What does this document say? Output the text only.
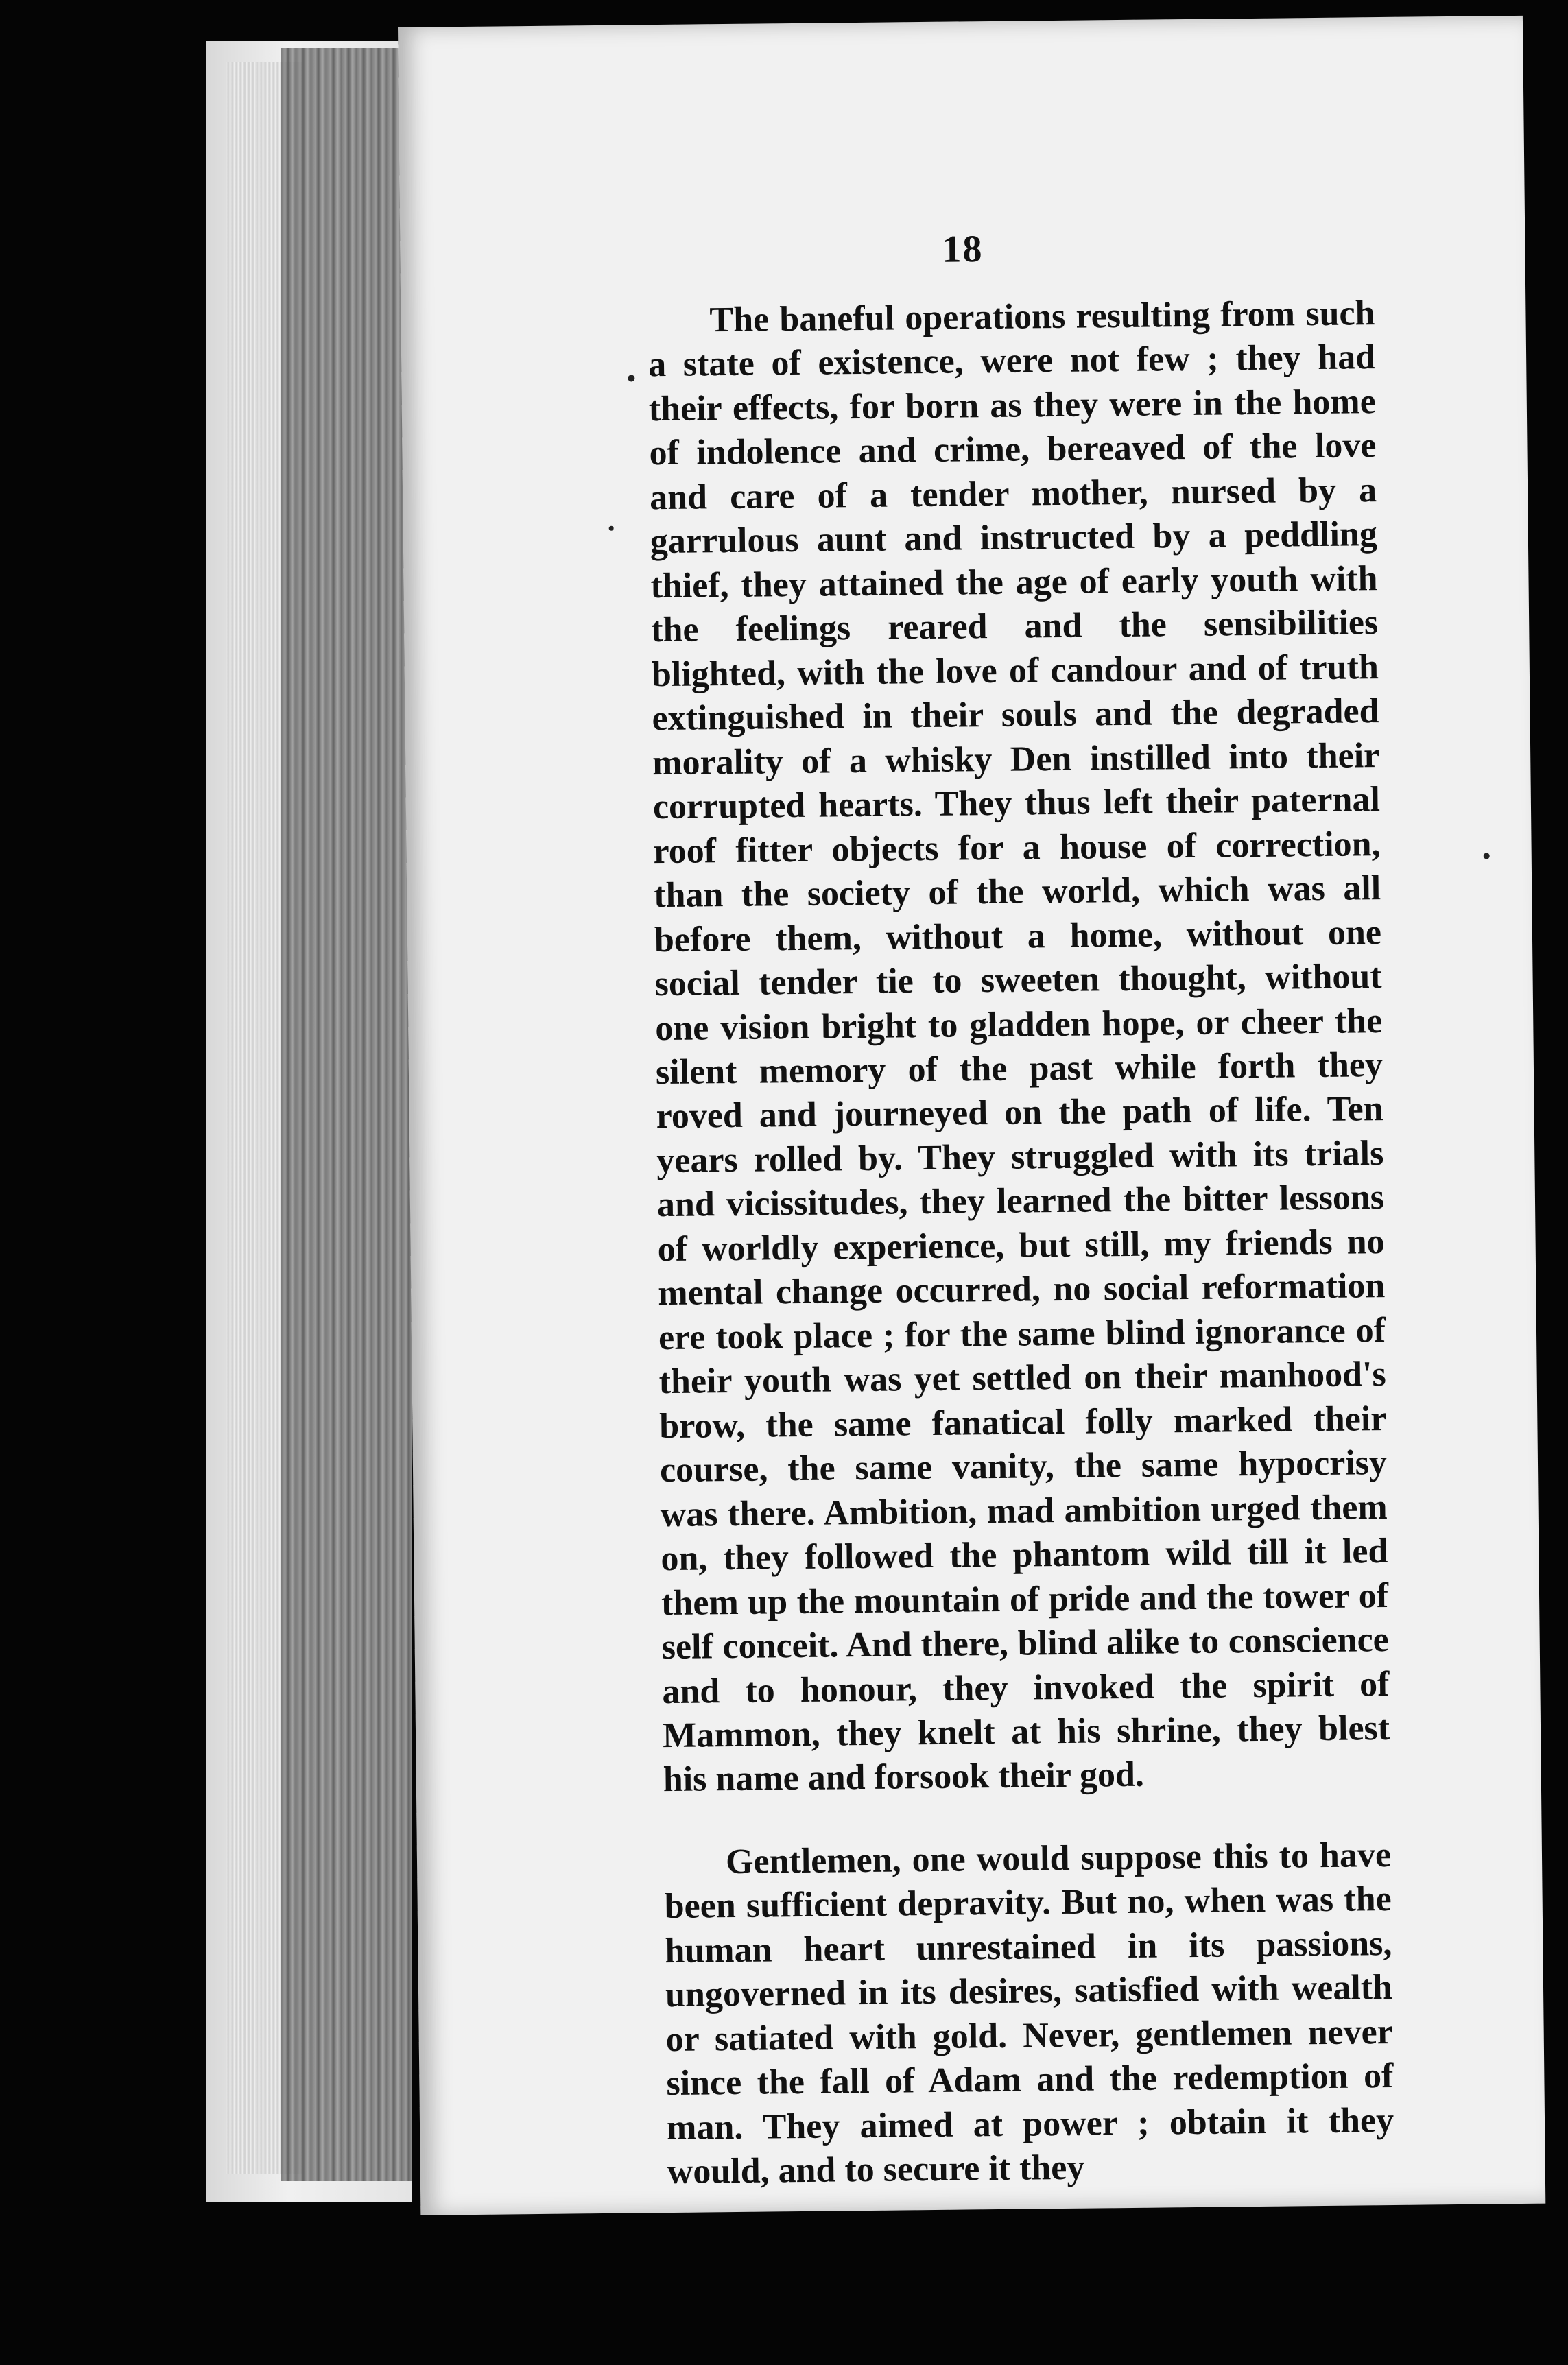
18

The baneful operations resulting from such a state of existence, were not few ; they had their effects, for born as they were in the home of indolence and crime, bereaved of the love and care of a tender mother, nursed by a garrulous aunt and instructed by a peddling thief, they attained the age of early youth with the feelings reared and the sensibilities blighted, with the love of candour and of truth extinguished in their souls and the degraded morality of a whisky Den instilled into their corrupted hearts. They thus left their paternal roof fitter objects for a house of correction, than the society of the world, which was all before them, without a home, without one social tender tie to sweeten thought, without one vision bright to gladden hope, or cheer the silent memory of the past while forth they roved and journeyed on the path of life. Ten years rolled by. They struggled with its trials and vicissitudes, they learned the bitter lessons of worldly experience, but still, my friends no mental change occurred, no social reformation ere took place ; for the same blind ignorance of their youth was yet settled on their manhood's brow, the same fanatical folly marked their course, the same vanity, the same hypocrisy was there. Ambition, mad ambition urged them on, they followed the phantom wild till it led them up the mountain of pride and the tower of self conceit. And there, blind alike to conscience and to honour, they invoked the spirit of Mammon, they knelt at his shrine, they blest his name and forsook their god.

Gentlemen, one would suppose this to have been sufficient depravity. But no, when was the human heart unrestained in its passions, ungoverned in its desires, satisfied with wealth or satiated with gold. Never, gentlemen never since the fall of Adam and the redemption of man. They aimed at power ; obtain it they would, and to secure it they
